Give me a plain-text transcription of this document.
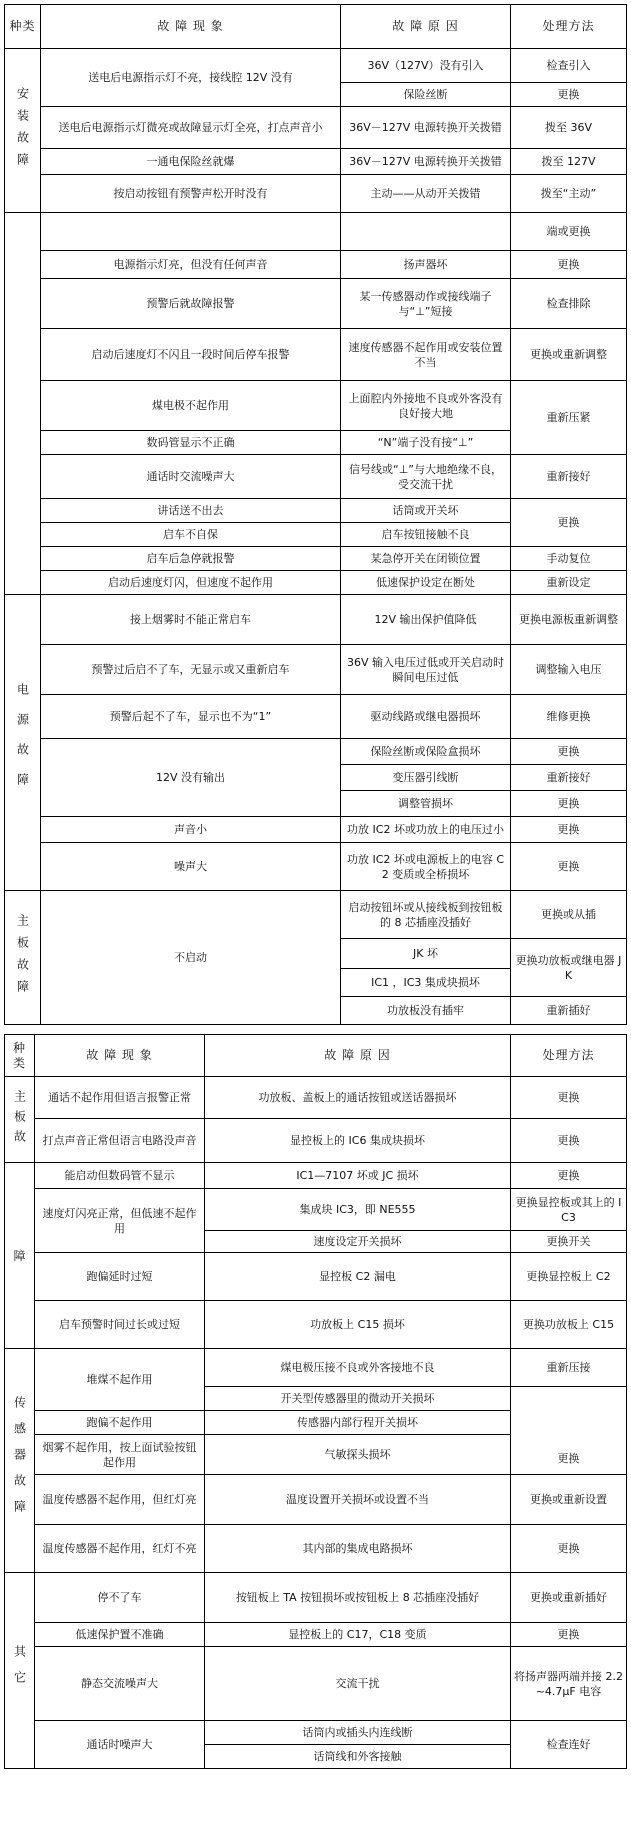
种类	故 障 现 象	故 障 原 因	处理方法
安装故障	送电后电源指示灯不亮，接线腔 12V 没有	36V（127V）没有引入	检查引入
		保险丝断	更换
	送电后电源指示灯微亮或故障显示灯全亮，打点声音小	36V－127V 电源转换开关拨错	拨至 36V
	一通电保险丝就爆	36V－127V 电源转换开关拨错	拨至 127V
	按启动按钮有预警声松开时没有	主动——从动开关拨错	拨至“主动”
			端或更换
	电源指示灯亮，但没有任何声音	扬声器坏	更换
	预警后就故障报警	某一传感器动作或接线端子与“⊥”短接	检查排除
	启动后速度灯不闪且一段时间后停车报警	速度传感器不起作用或安装位置不当	更换或重新调整
	煤电极不起作用	上面腔内外接地不良或外客没有良好接大地	重新压紧
	数码管显示不正确	“N”端子没有接“⊥”	
	通话时交流噪声大	信号线或“⊥”与大地绝缘不良，受交流干扰	重新接好
	讲话送不出去	话筒或开关坏	更换
	启车不自保	启车按钮接触不良	
	启车后急停就报警	某急停开关在闭锁位置	手动复位
	启动后速度灯闪，但速度不起作用	低速保护设定在断处	重新设定
电源故障	接上烟雾时不能正常启车	12V 输出保护值降低	更换电源板重新调整
	预警过后启不了车，无显示或又重新启车	36V 输入电压过低或开关启动时瞬间电压过低	调整输入电压
	预警后起不了车，显示也不为“1”	驱动线路或继电器损坏	维修更换
	12V 没有输出	保险丝断或保险盒损坏	更换
		变压器引线断	重新接好
		调整管损坏	更换
	声音小	功放 IC2 坏或功放上的电压过小	更换
	噪声大	功放 IC2 坏或电源板上的电容 C2 变质或全桥损坏	更换
主板故障	不启动	启动按钮坏或从接线板到按钮板的 8 芯插座没插好	更换或从插
		JK 坏	更换功放板或继电器 JK
		IC1 ，IC3 集成块损坏	
		功放板没有插牢	重新插好
种类	故 障 现 象	故 障 原 因	处理方法
主板故	通话不起作用但语言报警正常	功放板、盖板上的通话按钮或送话器损坏	更换
	打点声音正常但语言电路没声音	显控板上的 IC6 集成块损坏	更换
障	能启动但数码管不显示	IC1—7107 坏或 JC 损坏	更换
	速度灯闪亮正常，但低速不起作用	集成块 IC3，即 NE555	更换显控板或其上的 IC3
		速度设定开关损坏	更换开关
	跑偏延时过短	显控板 C2 漏电	更换显控板上 C2
	启车预警时间过长或过短	功放板上 C15 损坏	更换功放板上 C15
传感器故障	堆煤不起作用	煤电极压接不良或外客接地不良	重新压接
		开关型传感器里的微动开关损坏	更换
	跑偏不起作用	传感器内部行程开关损坏	
	烟雾不起作用，按上面试验按钮起作用	气敏探头损坏	
	温度传感器不起作用，但红灯亮	温度设置开关损坏或设置不当	更换或重新设置
	温度传感器不起作用，红灯不亮	其内部的集成电路损坏	更换
其它	停不了车	按钮板上 TA 按钮损坏或按钮板上 8 芯插座没插好	更换或重新插好
	低速保护置不准确	显控板上的 C17，C18 变质	更换
	静态交流噪声大	交流干扰	将扬声器两端并接 2.2~4.7μF 电容
	通话时噪声大	话筒内或插头内连线断	检查连好
		话筒线和外客接触	
